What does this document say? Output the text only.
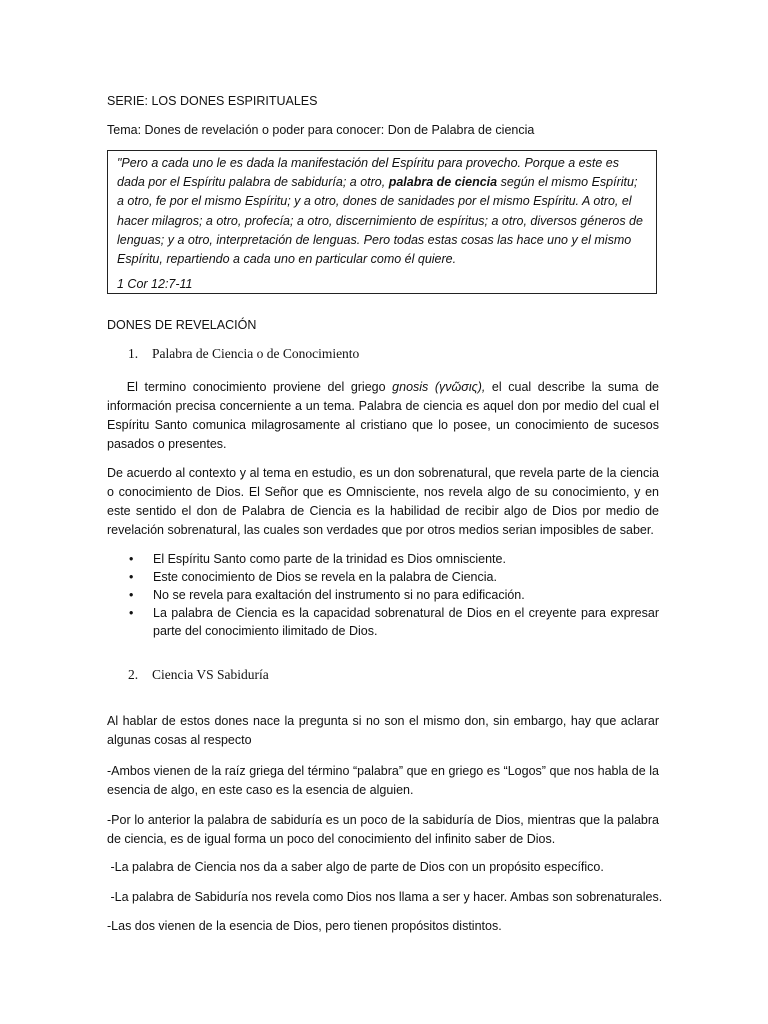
SERIE: LOS DONES ESPIRITUALES
Tema: Dones de revelación o poder para conocer: Don de Palabra de ciencia

"Pero a cada uno le es dada la manifestación del Espíritu para provecho. Porque a este es dada por el Espíritu palabra de sabiduría; a otro, palabra de ciencia según el mismo Espíritu; a otro, fe por el mismo Espíritu; y a otro, dones de sanidades por el mismo Espíritu. A otro, el hacer milagros; a otro, profecía; a otro, discernimiento de espíritus; a otro, diversos géneros de lenguas; y a otro, interpretación de lenguas. Pero todas estas cosas las hace uno y el mismo Espíritu, repartiendo a cada uno en particular como él quiere.

1 Cor 12:7-11
DONES DE REVELACIÓN
1. Palabra de Ciencia o de Conocimiento

El termino conocimiento proviene del griego gnosis (γνῶσις), el cual describe la suma de información precisa concerniente a un tema. Palabra de ciencia es aquel don por medio del cual el Espíritu Santo comunica milagrosamente al cristiano que lo posee, un conocimiento de sucesos pasados o presentes.

De acuerdo al contexto y al tema en estudio, es un don sobrenatural, que revela parte de la ciencia o conocimiento de Dios. El Señor que es Omnisciente, nos revela algo de su conocimiento, y en este sentido el don de Palabra de Ciencia es la habilidad de recibir algo de Dios por medio de revelación sobrenatural, las cuales son verdades que por otros medios serian imposibles de saber.

• El Espíritu Santo como parte de la trinidad es Dios omnisciente.
• Este conocimiento de Dios se revela en la palabra de Ciencia.
• No se revela para exaltación del instrumento si no para edificación.
• La palabra de Ciencia es la capacidad sobrenatural de Dios en el creyente para expresar parte del conocimiento ilimitado de Dios.
2. Ciencia VS Sabiduría

Al hablar de estos dones nace la pregunta si no son el mismo don, sin embargo, hay que aclarar algunas cosas al respecto

-Ambos vienen de la raíz griega del término “palabra” que en griego es “Logos” que nos habla de la esencia de algo, en este caso es la esencia de alguien.

-Por lo anterior la palabra de sabiduría es un poco de la sabiduría de Dios, mientras que la palabra de ciencia, es de igual forma un poco del conocimiento del infinito saber de Dios.

-La palabra de Ciencia nos da a saber algo de parte de Dios con un propósito específico.

-La palabra de Sabiduría nos revela como Dios nos llama a ser y hacer. Ambas son sobrenaturales.

-Las dos vienen de la esencia de Dios, pero tienen propósitos distintos.
